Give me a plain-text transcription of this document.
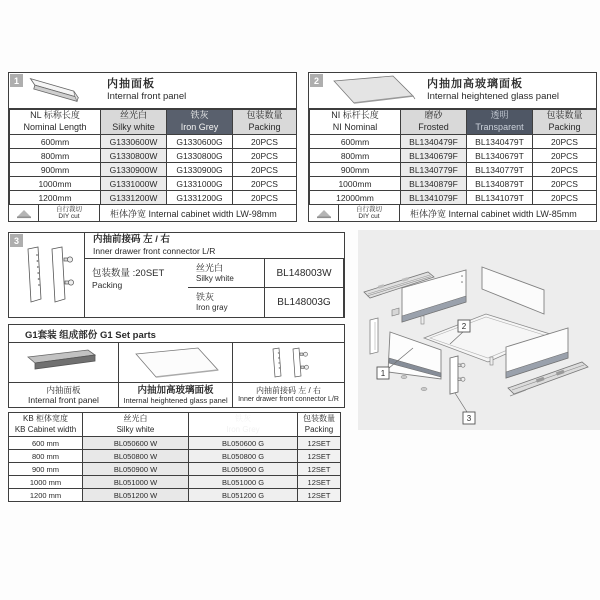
1	内抽面板
Internal front panel
NL 标称长度
Nominal Length	丝光白
Silky white	铁灰
Iron Grey	包装数量
Packing

600mm	G1330600W	G1330600G	20PCS
800mm	G1330800W	G1330800G	20PCS
900mm	G1330900W	G1330900G	20PCS
1000mm	G1331000W	G1331000G	20PCS
1200mm	G1331200W	G1331200G	20PCS
自行裁切
DIY cut	柜体净宽 Internal cabinet width LW-98mm
2	内抽加高玻璃面板
Internal heightened glass panel
NI 标杆长度
NI Nominal	磨砂
Frosted	透明
Transparent	包装数量
Packing

600mm	BL1340479F	BL1340479T	20PCS
800mm	BL1340679F	BL1340679T	20PCS
900mm	BL1340779F	BL1340779T	20PCS
1000mm	BL1340879F	BL1340879T	20PCS
12000mm	BL1341079F	BL1341079T	20PCS
自行裁切
DIY cut	柜体净宽 Internal cabinet width LW-85mm
3	内抽前接码 左 / 右
Inner drawer front connector L/R
丝光白
Silky white	BL148003W
包装数量 :20SET
Packing
铁灰
Iron gray	BL148003G
G1套装 组成部份 G1 Set parts
内抽面板
Internal front panel
内抽加高玻璃面板
Internal heightened glass panel
内抽前接码 左 / 右
Inner drawer front connector L/R
KB 柜体宽度
KB Cabinet width	丝光白
Silky white	铁灰
Iron Grey	包装数量
Packing

600 mm	BL050600 W	BL050600 G	12SET
800 mm	BL050800 W	BL050800 G	12SET
900 mm	BL050900 W	BL050900 G	12SET
1000 mm	BL051000 W	BL051000 G	12SET
1200 mm	BL051200 W	BL051200 G	12SET
1
2
3
